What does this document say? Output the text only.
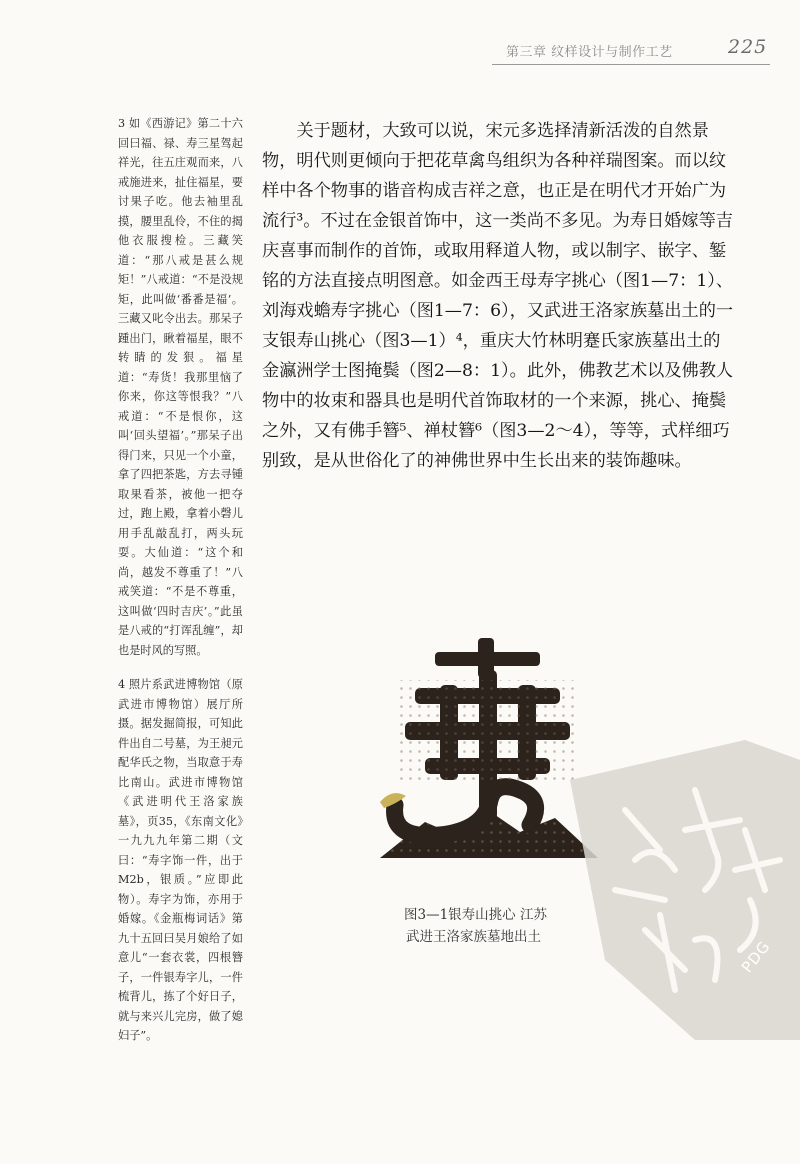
第三章 纹样设计与制作工艺	225

3 如《西游记》第二十六回曰福、禄、寿三星驾起祥光，往五庄观而来，八戒施进来，扯住福星，要讨果子吃。他去袖里乱摸，腰里乱伶，不住的揭他衣服搜检。三藏笑道：“那八戒是甚么规矩！”八戒道：“不是没规矩，此叫做‘番番是福’。三藏又叱令出去。那呆子踵出门，瞅着福星，眼不转睛的发狠。福星道：“寿货！我那里恼了你来，你这等恨我？”八戒道：“不是恨你，这叫‘回头望福’。”那呆子出得门来，只见一个小童，拿了四把茶匙，方去寻锺取果看茶，被他一把夺过，跑上殿，拿着小磬儿用手乱敲乱打，两头玩耍。大仙道：“这个和尚，越发不尊重了！”八戒笑道：“不是不尊重，这叫做‘四时吉庆’。”此虽是八戒的“打诨乱缠”，却也是时风的写照。

4 照片系武进博物馆（原武进市博物馆）展厅所摄。据发掘简报，可知此件出自二号墓，为王昶元配华氏之物，当取意于寿比南山。武进市博物馆《武进明代王洛家族墓》，页35，《东南文化》一九九九年第二期（文曰：“寿字饰一件，出于M2b，银质。”应即此物）。寿字为饰，亦用于婚嫁。《金瓶梅词话》第九十五回曰吴月娘给了如意儿“一套衣裳，四根簪子，一件银寿字儿，一件梳背儿，拣了个好日子，就与来兴儿完房，做了媳妇子”。

关于题材，大致可以说，宋元多选择清新活泼的自然景物，明代则更倾向于把花草禽鸟组织为各种祥瑞图案。而以纹样中各个物事的谐音构成吉祥之意，也正是在明代才开始广为流行³。不过在金银首饰中，这一类尚不多见。为寿日婚嫁等吉庆喜事而制作的首饰，或取用释道人物，或以制字、嵌字、錾铭的方法直接点明图意。如金西王母寿字挑心（图1—7：1）、刘海戏蟾寿字挑心（图1—7：6），又武进王洛家族墓出土的一支银寿山挑心（图3—1）⁴，重庆大竹林明蹇氏家族墓出土的金瀛洲学士图掩鬓（图2—8：1）。此外，佛教艺术以及佛教人物中的妆束和器具也是明代首饰取材的一个来源，挑心、掩鬓之外，又有佛手簪⁵、禅杖簪⁶（图3—2～4），等等，式样细巧别致，是从世俗化了的神佛世界中生长出来的装饰趣味。

图3—1银寿山挑心 江苏
武进王洛家族墓地出土
PDG
